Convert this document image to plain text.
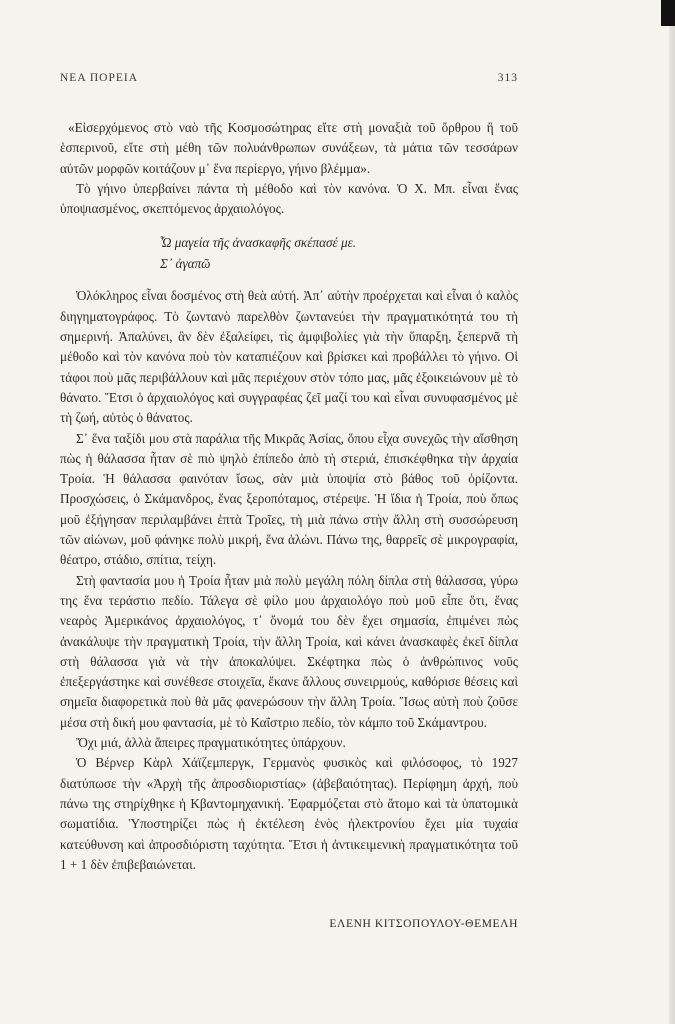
ΝΕΑ ΠΟΡΕΙΑ	313

«Εἰσερχόμενος στὸ ναὸ τῆς Κοσμοσώτηρας εἴτε στὴ μοναξιὰ τοῦ ὄρθρου ἢ τοῦ ἑσπερινοῦ, εἴτε στὴ μέθη τῶν πολυάνθρωπων συνάξεων, τὰ μάτια τῶν τεσσάρων αὐτῶν μορφῶν κοιτάζουν μ᾽ ἕνα περίεργο, γήινο βλέμμα».

Τὸ γήινο ὑπερβαίνει πάντα τὴ μέθοδο καὶ τὸν κανόνα. Ὁ Χ. Μπ. εἶναι ἕνας ὑποψιασμένος, σκεπτόμενος ἀρχαιολόγος.

Ὦ μαγεία τῆς ἀνασκαφῆς σκέπασέ με.
Σ᾽ ἀγαπῶ

Ὁλόκληρος εἶναι δοσμένος στὴ θεὰ αὐτή. Ἀπ᾽ αὐτὴν προέρχεται καὶ εἶναι ὁ καλὸς διηγηματογράφος. Τὸ ζωντανὸ παρελθὸν ζωντανεύει τὴν πραγματικότητά του τὴ σημερινή. Ἀπαλύνει, ἂν δὲν ἐξαλείφει, τὶς ἀμφιβολίες γιὰ τὴν ὕπαρξη, ξεπερνᾶ τὴ μέθοδο καὶ τὸν κανόνα ποὺ τὸν καταπιέζουν καὶ βρίσκει καὶ προβάλλει τὸ γήινο. Οἱ τάφοι ποὺ μᾶς περιβάλλουν καὶ μᾶς περιέχουν στὸν τόπο μας, μᾶς ἐξοικειώνουν μὲ τὸ θάνατο. Ἔτσι ὁ ἀρχαιολόγος καὶ συγγραφέας ζεῖ μαζί του καὶ εἶναι συνυφασμένος μὲ τὴ ζωή, αὐτὸς ὁ θάνατος.

Σ᾽ ἕνα ταξίδι μου στὰ παράλια τῆς Μικρᾶς Ἀσίας, ὅπου εἶχα συνεχῶς τὴν αἴσθηση πὼς ἡ θάλασσα ἦταν σὲ πιὸ ψηλὸ ἐπίπεδο ἀπὸ τὴ στεριά, ἐπισκέφθηκα τὴν ἀρχαία Τροία. Ἡ θάλασσα φαινόταν ἴσως, σὰν μιὰ ὑποψία στὸ βάθος τοῦ ὁρίζοντα. Προσχώσεις, ὁ Σκάμανδρος, ἕνας ξεροπόταμος, στέρεψε. Ἡ ἴδια ἡ Τροία, ποὺ ὅπως μοῦ ἐξήγησαν περιλαμβάνει ἑπτὰ Τροῖες, τὴ μιὰ πάνω στὴν ἄλλη στὴ συσσώρευση τῶν αἰώνων, μοῦ φάνηκε πολὺ μικρή, ἕνα ἁλώνι. Πάνω της, θαρρεῖς σὲ μικρογραφία, θέατρο, στάδιο, σπίτια, τείχη.

Στὴ φαντασία μου ἡ Τροία ἦταν μιὰ πολὺ μεγάλη πόλη δίπλα στὴ θάλασσα, γύρω της ἕνα τεράστιο πεδίο. Τάλεγα σὲ φίλο μου ἀρχαιολόγο ποὺ μοῦ εἶπε ὅτι, ἕνας νεαρὸς Ἀμερικάνος ἀρχαιολόγος, τ᾽ ὄνομά του δὲν ἔχει σημασία, ἐπιμένει πὼς ἀνακάλυψε τὴν πραγματικὴ Τροία, τὴν ἄλλη Τροία, καὶ κάνει ἀνασκαφὲς ἐκεῖ δίπλα στὴ θάλασσα γιὰ νὰ τὴν ἀποκαλύψει. Σκέφτηκα πὼς ὁ ἀνθρώπινος νοῦς ἐπεξεργάστηκε καὶ συνέθεσε στοιχεῖα, ἔκανε ἄλλους συνειρμούς, καθόρισε θέσεις καὶ σημεῖα διαφορετικὰ ποὺ θὰ μᾶς φανερώσουν τὴν ἄλλη Τροία. Ἴσως αὐτὴ ποὺ ζοῦσε μέσα στὴ δική μου φαντασία, μὲ τὸ Καΐστριο πεδίο, τὸν κάμπο τοῦ Σκάμαντρου.

Ὄχι μιά, ἀλλὰ ἄπειρες πραγματικότητες ὑπάρχουν.

Ὁ Βέρνερ Κὰρλ Χάϊζεμπεργκ, Γερμανὸς φυσικὸς καὶ φιλόσοφος, τὸ 1927 διατύπωσε τὴν «Ἀρχὴ τῆς ἀπροσδιοριστίας» (ἀβεβαιότητας). Περίφημη ἀρχή, ποὺ πάνω της στηρίχθηκε ἡ Κβαντομηχανική. Ἐφαρμόζεται στὸ ἄτομο καὶ τὰ ὑπατομικὰ σωματίδια. Ὑποστηρίζει πὼς ἡ ἐκτέλεση ἑνὸς ἠλεκτρονίου ἔχει μία τυχαία κατεύθυνση καὶ ἀπροσδιόριστη ταχύτητα. Ἔτσι ἡ ἀντικειμενικὴ πραγματικότητα τοῦ 1 + 1 δὲν ἐπιβεβαιώνεται.

ΕΛΕΝΗ ΚΙΤΣΟΠΟΥΛΟΥ-ΘΕΜΕΛΗ
